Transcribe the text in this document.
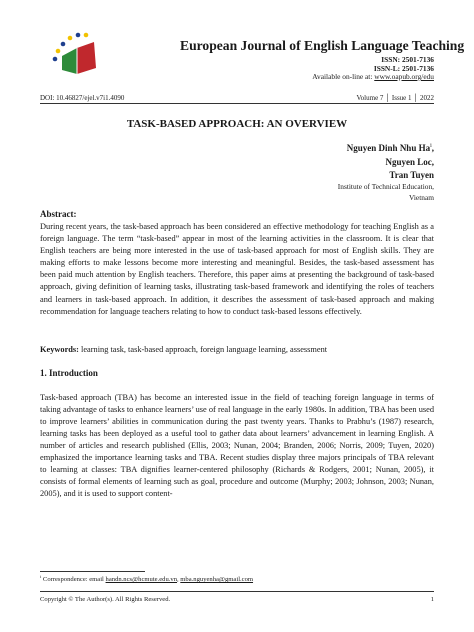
European Journal of English Language Teaching
ISSN: 2501-7136
ISSN-L: 2501-7136
Available on-line at: www.oapub.org/edu
DOI: 10.46827/ejel.v7i1.4090	Volume 7 │ Issue 1 │ 2022
TASK-BASED APPROACH: AN OVERVIEW
Nguyen Dinh Nhu Ha$^i$,
Nguyen Loc,
Tran Tuyen
Institute of Technical Education,
Vietnam
Abstract:
During recent years, the task-based approach has been considered an effective methodology for teaching English as a foreign language. The term “task-based” appear in most of the learning activities in the classroom. It is clear that English teachers are being more interested in the use of task-based approach for most of English skills. They are making efforts to make lessons become more interesting and meaningful. Besides, the task-based assessment has been paid much attention by English teachers. Therefore, this paper aims at presenting the background of task-based approach, giving definition of learning tasks, illustrating task-based framework and identifying the roles of teachers and learners in task-based approach. In addition, it describes the assessment of task-based approach and making recommendation for language teachers relating to how to conduct task-based lessons effectively.
Keywords: learning task, task-based approach, foreign language learning, assessment
1. Introduction
Task-based approach (TBA) has become an interested issue in the field of teaching foreign language in terms of taking advantage of tasks to enhance learners’ use of real language in the early 1980s. In addition, TBA has been used to improve learners’ abilities in communication during the past twenty years. Thanks to Prabhu’s (1987) research, learning tasks has been deployed as a useful tool to gather data about learners’ advancement in learning English. A number of articles and research published (Ellis, 2003; Nunan, 2004; Branden, 2006; Norris, 2009; Tuyen, 2020) emphasized the importance learning tasks and TBA. Recent studies display three majors principals of TBA relevant to learning at classes: TBA dignifies learner-centered philosophy (Richards & Rodgers, 2001; Nunan, 2005), it consists of formal elements of learning such as goal, procedure and outcome (Murphy; 2003; Johnson, 2003; Nunan, 2005), and it is used to support content-
$^i$ Correspondence: email handn.ncs@hcmute.edu.vn, mba.nguyenha@gmail.com
Copyright © The Author(s). All Rights Reserved.	1
